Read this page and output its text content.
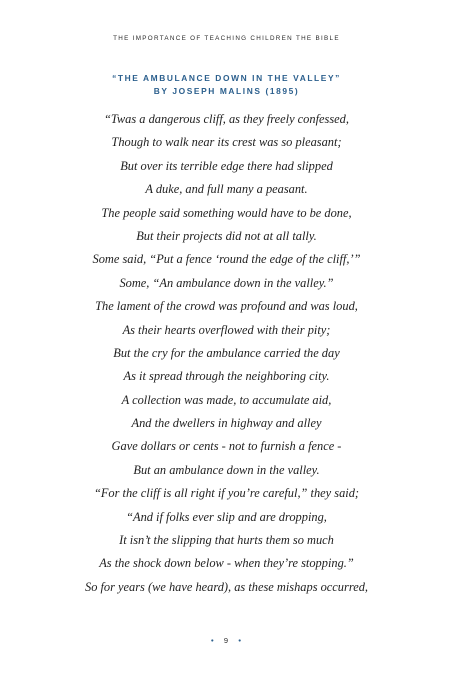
THE IMPORTANCE OF TEACHING CHILDREN THE BIBLE
“THE AMBULANCE DOWN IN THE VALLEY”
BY JOSEPH MALINS (1895)
“Twas a dangerous cliff, as they freely confessed,
Though to walk near its crest was so pleasant;
But over its terrible edge there had slipped
A duke, and full many a peasant.
The people said something would have to be done,
But their projects did not at all tally.
Some said, “Put a fence ‘round the edge of the cliff,’”
Some, “An ambulance down in the valley.”
The lament of the crowd was profound and was loud,
As their hearts overflowed with their pity;
But the cry for the ambulance carried the day
As it spread through the neighboring city.
A collection was made, to accumulate aid,
And the dwellers in highway and alley
Gave dollars or cents - not to furnish a fence -
But an ambulance down in the valley.
“For the cliff is all right if you’re careful,” they said;
“And if folks ever slip and are dropping,
It isn’t the slipping that hurts them so much
As the shock down below - when they’re stopping.”
So for years (we have heard), as these mishaps occurred,
• 9 •
